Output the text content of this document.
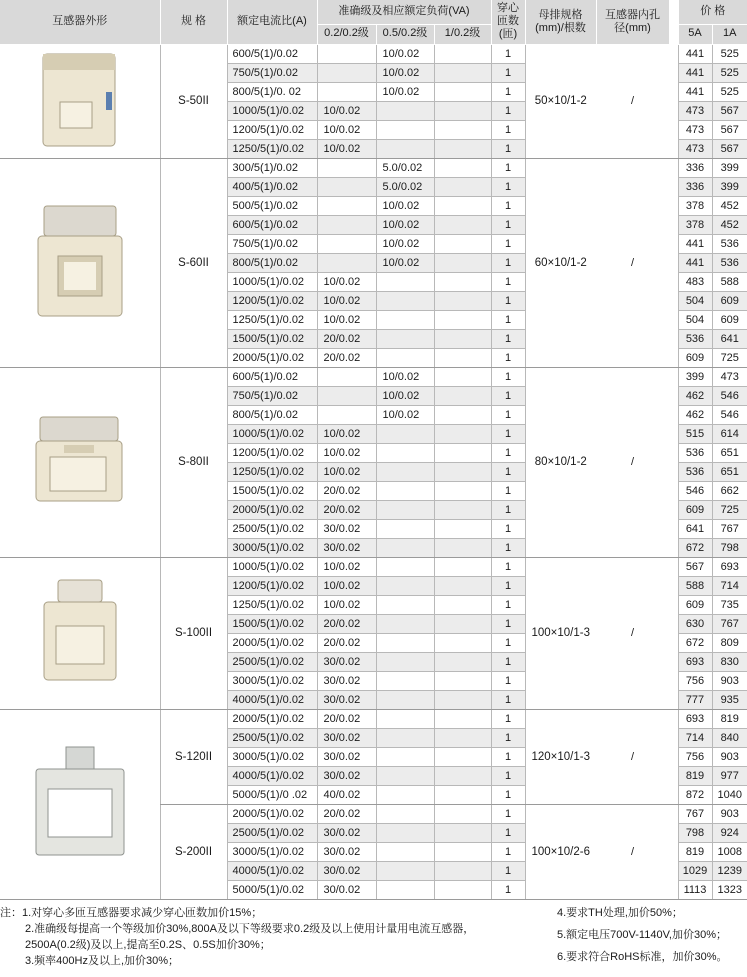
互感器外形	规 格	额定电流比(A)	准确级及相应额定负荷(VA)			穿心匝数(匝)	母排规格(mm)/根数	互感器内孔径(mm)		价 格	
			0.2/0.2级	0.5/0.2级	1/0.2级					5A	1A
	S-50II	600/5(1)/0.02		10/0.02		1	50×10/1-2	/		441	525
		750/5(1)/0.02		10/0.02		1				441	525
		800/5(1)/0. 02		10/0.02		1				441	525
		1000/5(1)/0.02	10/0.02			1				473	567
		1200/5(1)/0.02	10/0.02			1				473	567
		1250/5(1)/0.02	10/0.02			1				473	567
	S-60II	300/5(1)/0.02		5.0/0.02		1	60×10/1-2	/		336	399
		400/5(1)/0.02		5.0/0.02		1				336	399
		500/5(1)/0.02		10/0.02		1				378	452
		600/5(1)/0.02		10/0.02		1				378	452
		750/5(1)/0.02		10/0.02		1				441	536
		800/5(1)/0.02		10/0.02		1				441	536
		1000/5(1)/0.02	10/0.02			1				483	588
		1200/5(1)/0.02	10/0.02			1				504	609
		1250/5(1)/0.02	10/0.02			1				504	609
		1500/5(1)/0.02	20/0.02			1				536	641
		2000/5(1)/0.02	20/0.02			1				609	725
	S-80II	600/5(1)/0.02		10/0.02		1	80×10/1-2	/		399	473
		750/5(1)/0.02		10/0.02		1				462	546
		800/5(1)/0.02		10/0.02		1				462	546
		1000/5(1)/0.02	10/0.02			1				515	614
		1200/5(1)/0.02	10/0.02			1				536	651
		1250/5(1)/0.02	10/0.02			1				536	651
		1500/5(1)/0.02	20/0.02			1				546	662
		2000/5(1)/0.02	20/0.02			1				609	725
		2500/5(1)/0.02	30/0.02			1				641	767
		3000/5(1)/0.02	30/0.02			1				672	798
	S-100II	1000/5(1)/0.02	10/0.02			1	100×10/1-3	/		567	693
		1200/5(1)/0.02	10/0.02			1				588	714
		1250/5(1)/0.02	10/0.02			1				609	735
		1500/5(1)/0.02	20/0.02			1				630	767
		2000/5(1)/0.02	20/0.02			1				672	809
		2500/5(1)/0.02	30/0.02			1				693	830
		3000/5(1)/0.02	30/0.02			1				756	903
		4000/5(1)/0.02	30/0.02			1				777	935
	S-120II	2000/5(1)/0.02	20/0.02			1	120×10/1-3	/		693	819
		2500/5(1)/0.02	30/0.02			1				714	840
		3000/5(1)/0.02	30/0.02			1				756	903
		4000/5(1)/0.02	30/0.02			1				819	977
		5000/5(1)/0 .02	40/0.02			1				872	1040
	S-200II	2000/5(1)/0.02	20/0.02			1	100×10/2-6	/		767	903
		2500/5(1)/0.02	30/0.02			1				798	924
		3000/5(1)/0.02	30/0.02			1				819	1008
		4000/5(1)/0.02	30/0.02			1				1029	1239
		5000/5(1)/0.02	30/0.02			1				1113	1323
注：1.对穿心多匝互感器要求减少穿心匝数加价15%；
2.准确级每提高一个等级加价30%,800A及以下等级要求0.2级及以上使用计量用电流互感器，
2500A(0.2级)及以上,提高至0.2S、0.5S加价30%；
3.频率400Hz及以上,加价30%；
4.要求TH处理,加价50%；
5.额定电压700V-1140V,加价30%；
6.要求符合RoHS标准，加价30%。
